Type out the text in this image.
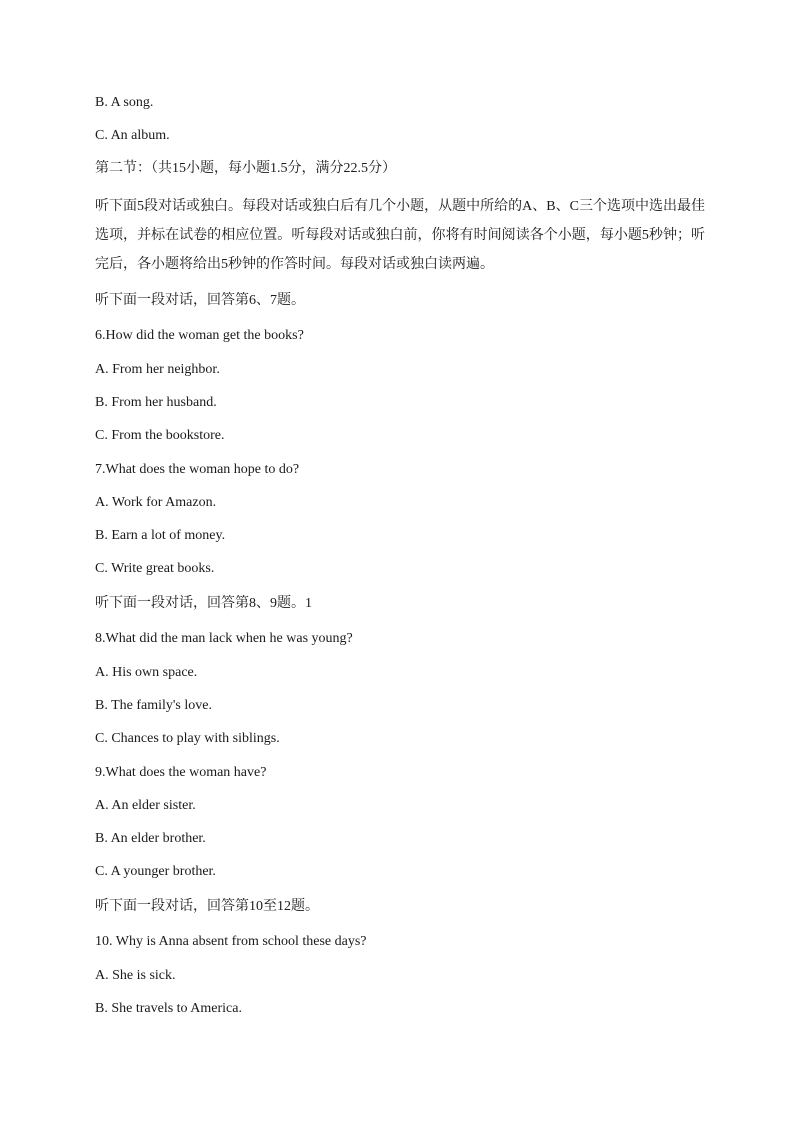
B. A song.
C. An album.
第二节：（共15小题，每小题1.5分，满分22.5分）
听下面5段对话或独白。每段对话或独白后有几个小题，从题中所给的A、B、C三个选项中选出最佳选项，并标在试卷的相应位置。听每段对话或独白前，你将有时间阅读各个小题，每小题5秒钟；听完后，各小题将给出5秒钟的作答时间。每段对话或独白读两遍。
听下面一段对话，回答第6、7题。
6.How did the woman get the books?
A. From her neighbor.
B. From her husband.
C. From the bookstore.
7.What does the woman hope to do?
A. Work for Amazon.
B. Earn a lot of money.
C. Write great books.
听下面一段对话，回答第8、9题。1
8.What did the man lack when he was young?
A. His own space.
B. The family's love.
C. Chances to play with siblings.
9.What does the woman have?
A. An elder sister.
B. An elder brother.
C. A younger brother.
听下面一段对话，回答第10至12题。
10. Why is Anna absent from school these days?
A. She is sick.
B. She travels to America.
